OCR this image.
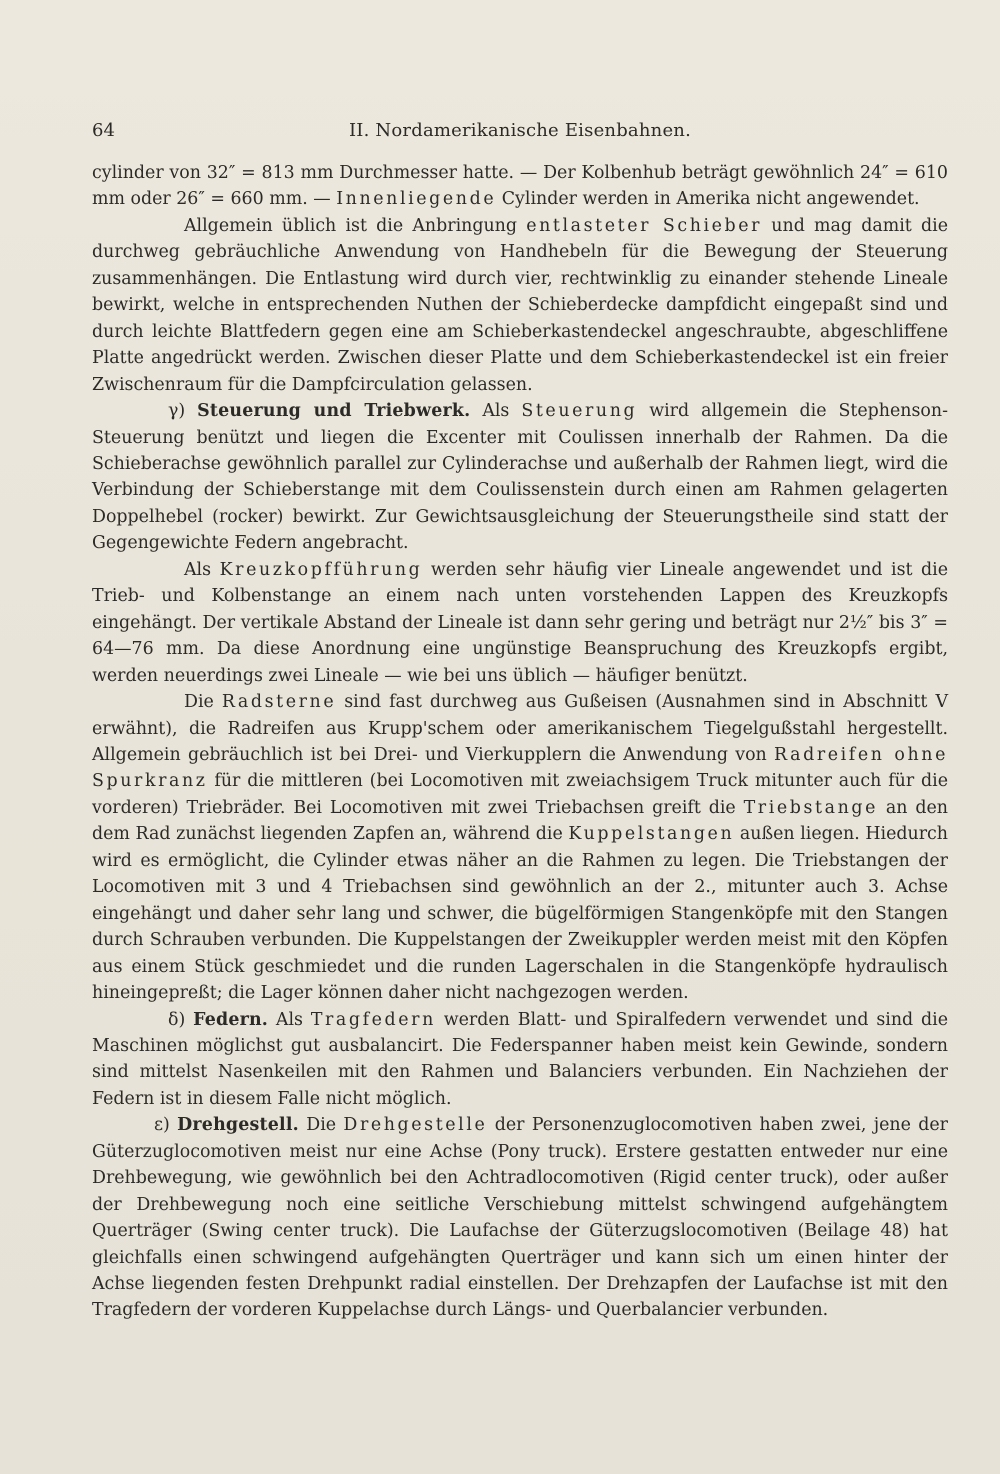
64	II. Nordamerikanische Eisenbahnen.

cylinder von 32″ = 813 mm Durchmesser hatte. — Der Kolbenhub beträgt gewöhnlich 24″ = 610 mm oder 26″ = 660 mm. — Innenliegende Cylinder werden in Amerika nicht angewendet.

Allgemein üblich ist die Anbringung entlasteter Schieber und mag damit die durchweg gebräuchliche Anwendung von Handhebeln für die Bewegung der Steuerung zusammenhängen. Die Entlastung wird durch vier, rechtwinklig zu einander stehende Lineale bewirkt, welche in entsprechenden Nuthen der Schieberdecke dampfdicht eingepaßt sind und durch leichte Blattfedern gegen eine am Schieberkastendeckel angeschraubte, abgeschliffene Platte angedrückt werden. Zwischen dieser Platte und dem Schieberkastendeckel ist ein freier Zwischenraum für die Dampfcirculation gelassen.

γ) Steuerung und Triebwerk. Als Steuerung wird allgemein die Stephenson-Steuerung benützt und liegen die Excenter mit Coulissen innerhalb der Rahmen. Da die Schieberachse gewöhnlich parallel zur Cylinderachse und außerhalb der Rahmen liegt, wird die Verbindung der Schieberstange mit dem Coulissenstein durch einen am Rahmen gelagerten Doppelhebel (rocker) bewirkt. Zur Gewichtsausgleichung der Steuerungstheile sind statt der Gegengewichte Federn angebracht.

Als Kreuzkopfführung werden sehr häufig vier Lineale angewendet und ist die Trieb- und Kolbenstange an einem nach unten vorstehenden Lappen des Kreuzkopfs eingehängt. Der vertikale Abstand der Lineale ist dann sehr gering und beträgt nur 2½″ bis 3″ = 64—76 mm. Da diese Anordnung eine ungünstige Beanspruchung des Kreuzkopfs ergibt, werden neuerdings zwei Lineale — wie bei uns üblich — häufiger benützt.

Die Radsterne sind fast durchweg aus Gußeisen (Ausnahmen sind in Abschnitt V erwähnt), die Radreifen aus Krupp'schem oder amerikanischem Tiegelgußstahl hergestellt. Allgemein gebräuchlich ist bei Drei- und Vierkupplern die Anwendung von Radreifen ohne Spurkranz für die mittleren (bei Locomotiven mit zweiachsigem Truck mitunter auch für die vorderen) Triebräder. Bei Locomotiven mit zwei Triebachsen greift die Triebstange an den dem Rad zunächst liegenden Zapfen an, während die Kuppelstangen außen liegen. Hiedurch wird es ermöglicht, die Cylinder etwas näher an die Rahmen zu legen. Die Triebstangen der Locomotiven mit 3 und 4 Triebachsen sind gewöhnlich an der 2., mitunter auch 3. Achse eingehängt und daher sehr lang und schwer, die bügelförmigen Stangenköpfe mit den Stangen durch Schrauben verbunden. Die Kuppelstangen der Zweikuppler werden meist mit den Köpfen aus einem Stück geschmiedet und die runden Lagerschalen in die Stangenköpfe hydraulisch hineingepreßt; die Lager können daher nicht nachgezogen werden.

δ) Federn. Als Tragfedern werden Blatt- und Spiralfedern verwendet und sind die Maschinen möglichst gut ausbalancirt. Die Federspanner haben meist kein Gewinde, sondern sind mittelst Nasenkeilen mit den Rahmen und Balanciers verbunden. Ein Nachziehen der Federn ist in diesem Falle nicht möglich.

ε) Drehgestell. Die Drehgestelle der Personenzuglocomotiven haben zwei, jene der Güterzuglocomotiven meist nur eine Achse (Pony truck). Erstere gestatten entweder nur eine Drehbewegung, wie gewöhnlich bei den Achtradlocomotiven (Rigid center truck), oder außer der Drehbewegung noch eine seitliche Verschiebung mittelst schwingend aufgehängtem Querträger (Swing center truck). Die Laufachse der Güterzugslocomotiven (Beilage 48) hat gleichfalls einen schwingend aufgehängten Querträger und kann sich um einen hinter der Achse liegenden festen Drehpunkt radial einstellen. Der Drehzapfen der Laufachse ist mit den Tragfedern der vorderen Kuppelachse durch Längs- und Querbalancier verbunden.
